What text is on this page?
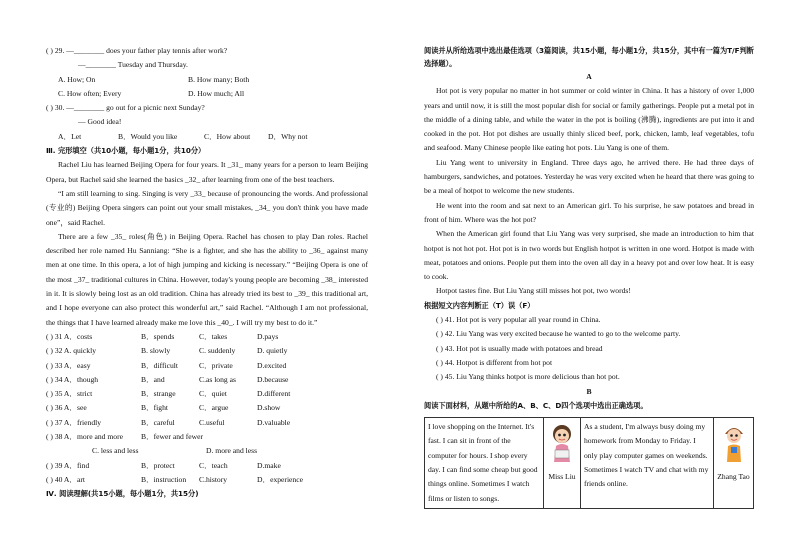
( ) 29. —________ does your father play tennis after work?
—________ Tuesday and Thursday.
A. How; On	B. How many; Both
C. How often; Every	D. How much; All
( ) 30. —________ go out for a picnic next Sunday?
— Good idea!
A．Let	B．Would you like	C．How about	D．Why not
Ⅲ. 完形填空（共10小题，每小题1分，共10分）
Rachel Liu has learned Beijing Opera for four years. It _31_ many years for a person to learn Beijing Opera, but Rachel said she learned the basics _32_ after learning from one of the best teachers.
“I am still learning to sing. Singing is very _33_ because of pronouncing the words. And professional (专业的) Beijing Opera singers can point out your small mistakes, _34_ you don't think you have made one”，said Rachel.
There are a few _35_ roles(角色) in Beijing Opera. Rachel has chosen to play Dan roles. Rachel described her role named Hu Sanniang: “She is a fighter, and she has the ability to _36_ against many men at one time. In this opera, a lot of high jumping and kicking is necessary.” “Beijing Opera is one of the most _37_ traditional cultures in China. However, today's young people are becoming _38_ interested in it. It is slowly being lost as an old tradition. China has already tried its best to _39_ this traditional art, and I hope everyone can also protect this wonderful art,” said Rachel. “Although I am not professional, the things that I have learned already make me love this _40_. I will try my best to do it.”
( ) 31 A．costs	B．spends	C．takes	D.pays
( ) 32 A. quickly	B. slowly	C. suddenly	D. quietly
( ) 33 A．easy	B．difficult	C．private	D.excited
( ) 34 A．though	B．and	C.as long as	D.because
( ) 35 A．strict	B．strange	C．quiet	D.different
( ) 36 A．see	B．fight	C．argue	D.show
( ) 37 A．friendly	B．careful	C.useful	D.valuable
( ) 38 A．more and more	B．fewer and fewer
C. less and less	D. more and less
( ) 39 A．find	B．protect	C．teach	D.make
( ) 40 A．art	B．instruction	C.history	D．experience
Ⅳ. 阅读理解(共15小题，每小题1分，共15分)
阅读并从所给选项中选出最佳选项（3篇阅读，共15小题，每小题1分，共15分，其中有一篇为T/F判断选择题）。
A
Hot pot is very popular no matter in hot summer or cold winter in China. It has a history of over 1,000 years and until now, it is still the most popular dish for social or family gatherings. People put a metal pot in the middle of a dining table, and while the water in the pot is boiling (沸腾), ingredients are put into it and cooked in the pot. Hot pot dishes are usually thinly sliced beef, pork, chicken, lamb, leaf vegetables, tofu and seafood. Many Chinese people like eating hot pots. Liu Yang is one of them.
Liu Yang went to university in England. Three days ago, he arrived there. He had three days of hamburgers, sandwiches, and potatoes. Yesterday he was very excited when he heard that there was going to be a meal of hotpot to welcome the new students.
He went into the room and sat next to an American girl. To his surprise, he saw potatoes and bread in front of him. Where was the hot pot?
When the American girl found that Liu Yang was very surprised, she made an introduction to him that hotpot is not hot pot. Hot pot is in two words but English hotpot is written in one word. Hotpot is made with meat, potatoes and onions. People put them into the oven all day in a heavy pot and over low heat. It is easy to cook.
Hotpot tastes fine. But Liu Yang still misses hot pot, two words!
根据短文内容判断正（T）误（F）
( ) 41. Hot pot is very popular all year round in China.
( ) 42. Liu Yang was very excited because he wanted to go to the welcome party.
( ) 43. Hot pot is usually made with potatoes and bread
( ) 44. Hotpot is different from hot pot
( ) 45. Liu Yang thinks hotpot is more delicious than hot pot.
B
阅读下面材料，从题中所给的A、B、C、D四个选项中选出正确选项。
I love shopping on the Internet. It's fast. I can sit in front of the computer for hours. I shop every day. I can find some cheap but good things online. Sometimes I watch films or listen to songs.	
Miss Liu
	As a student, I'm always busy doing my homework from Monday to Friday. I only play computer games on weekends. Sometimes I watch TV and chat with my friends online.	
Zhang Tao
